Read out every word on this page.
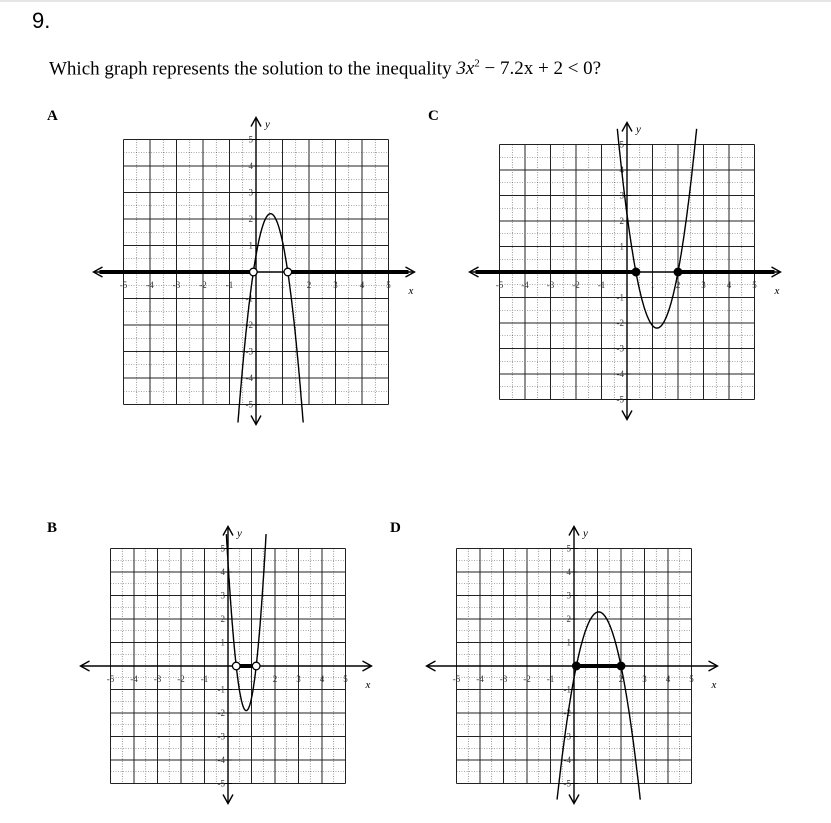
9.
Which graph represents the solution to the inequality $3x^2 - 7.2x + 2 < 0$?
A	C
B	D
x
y
-5 -4 -3 -2 -1	1 2 3 4 5
5
4
3
2
1
-1
-2
-3
-4
-5
x
y
-5 -4 -3 -2 -1	1 2 3 4 5
5
4
3
2
1
-1
-2
-3
-4
-5
x
y
-5 -4 -3 -2 -1	1 2 3 4 5
5
4
3
2
1
-1
-2
-3
-4
-5
x
y
-5 -4 -3 -2 -1	1 2 3 4 5
5
4
3
2
1
-1
-2
-3
-4
-5
